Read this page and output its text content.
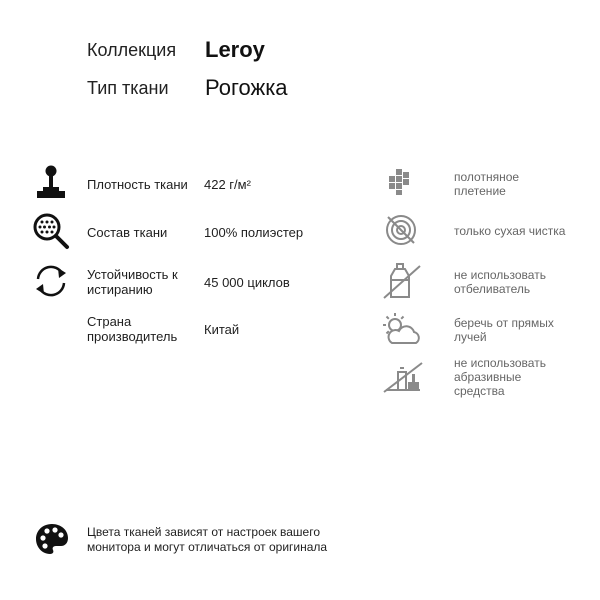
Коллекция Leroy
Тип ткани Рогожка
Плотность ткани 422 г/м²
Состав ткани	100% полиэстер
Устойчивость к
истиранию	45 000 циклов
Страна
производитель Китай
полотняное
плетение
только сухая чистка
не использовать
отбеливатель
беречь от прямых
лучей
не использовать
абразивные
средства
Цвета тканей зависят от настроек вашего
монитора и могут отличаться от оригинала
